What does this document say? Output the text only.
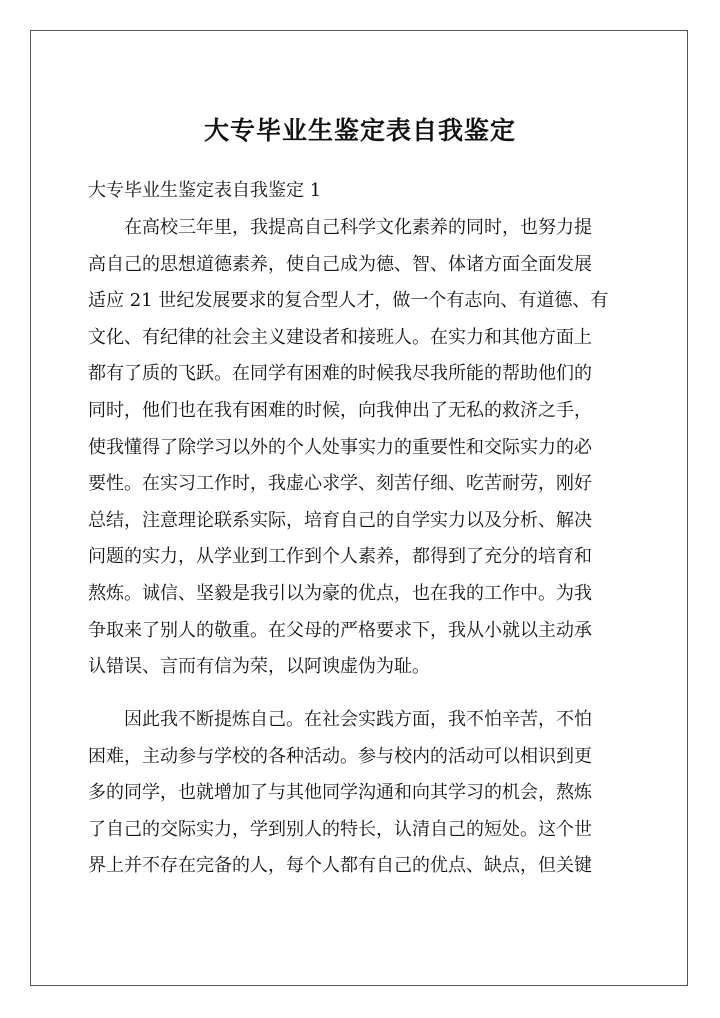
大专毕业生鉴定表自我鉴定

大专毕业生鉴定表自我鉴定 1

在高校三年里，我提高自己科学文化素养的同时，也努力提
高自己的思想道德素养，使自己成为德、智、体诸方面全面发展
适应 21 世纪发展要求的复合型人才，做一个有志向、有道德、有
文化、有纪律的社会主义建设者和接班人。在实力和其他方面上
都有了质的飞跃。在同学有困难的时候我尽我所能的帮助他们的
同时，他们也在我有困难的时候，向我伸出了无私的救济之手，
使我懂得了除学习以外的个人处事实力的重要性和交际实力的必
要性。在实习工作时，我虚心求学、刻苦仔细、吃苦耐劳，刚好
总结，注意理论联系实际，培育自己的自学实力以及分析、解决
问题的实力，从学业到工作到个人素养，都得到了充分的培育和
熬炼。诚信、坚毅是我引以为豪的优点，也在我的工作中。为我
争取来了别人的敬重。在父母的严格要求下，我从小就以主动承
认错误、言而有信为荣，以阿谀虚伪为耻。
因此我不断提炼自己。在社会实践方面，我不怕辛苦，不怕
困难，主动参与学校的各种活动。参与校内的活动可以相识到更
多的同学，也就增加了与其他同学沟通和向其学习的机会，熬炼
了自己的交际实力，学到别人的特长，认清自己的短处。这个世
界上并不存在完备的人，每个人都有自己的优点、缺点，但关键
